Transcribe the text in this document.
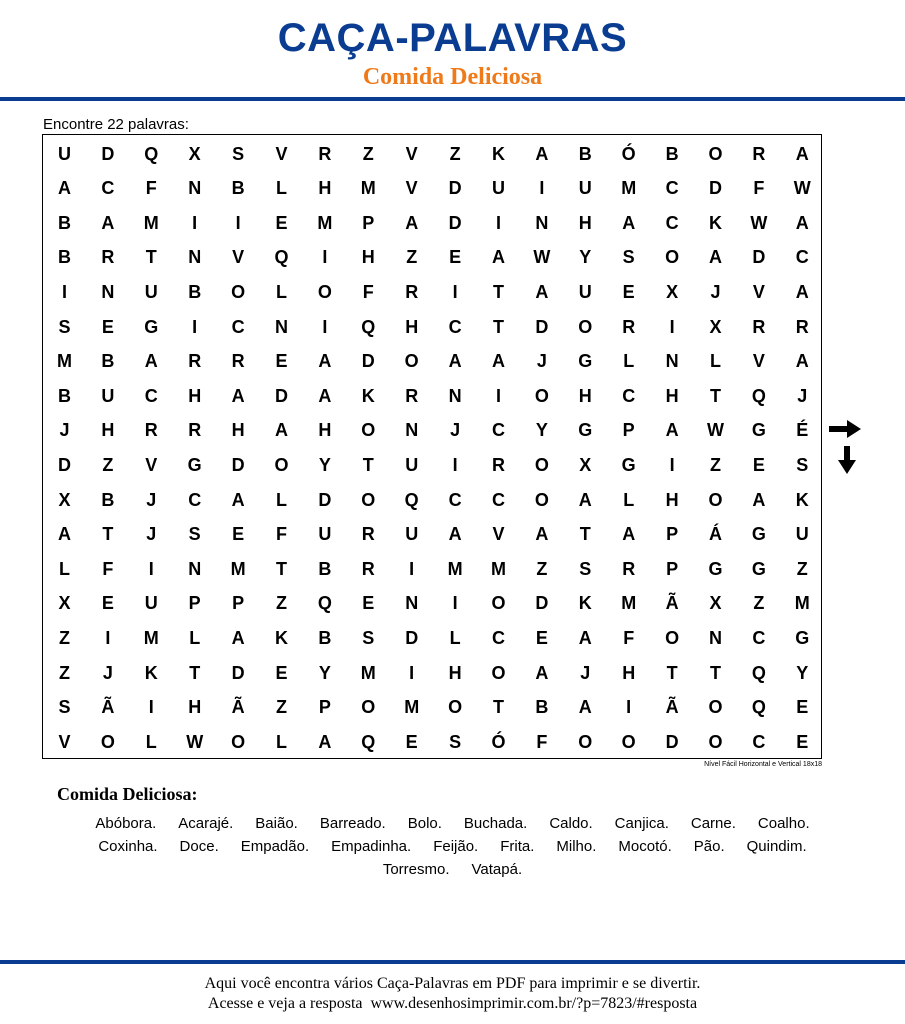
CAÇA-PALAVRAS
Comida Deliciosa
Encontre 22 palavras:
U	D	Q	X	S	V	R	Z	V	Z	K	A	B	Ó	B	O	R	A
A	C	F	N	B	L	H	M	V	D	U	I	U	M	C	D	F	W
B	A	M	I	I	E	M	P	A	D	I	N	H	A	C	K	W	A
B	R	T	N	V	Q	I	H	Z	E	A	W	Y	S	O	A	D	C
I	N	U	B	O	L	O	F	R	I	T	A	U	E	X	J	V	A
S	E	G	I	C	N	I	Q	H	C	T	D	O	R	I	X	R	R
M	B	A	R	R	E	A	D	O	A	A	J	G	L	N	L	V	A
B	U	C	H	A	D	A	K	R	N	I	O	H	C	H	T	Q	J
J	H	R	R	H	A	H	O	N	J	C	Y	G	P	A	W	G	É
D	Z	V	G	D	O	Y	T	U	I	R	O	X	G	I	Z	E	S
X	B	J	C	A	L	D	O	Q	C	C	O	A	L	H	O	A	K
A	T	J	S	E	F	U	R	U	A	V	A	T	A	P	Á	G	U
L	F	I	N	M	T	B	R	I	M	M	Z	S	R	P	G	G	Z
X	E	U	P	P	Z	Q	E	N	I	O	D	K	M	Ã	X	Z	M
Z	I	M	L	A	K	B	S	D	L	C	E	A	F	O	N	C	G
Z	J	K	T	D	E	Y	M	I	H	O	A	J	H	T	T	Q	Y
S	Ã	I	H	Ã	Z	P	O	M	O	T	B	A	I	Ã	O	Q	E
V	O	L	W	O	L	A	Q	E	S	Ó	F	O	O	D	O	C	E
Nível Fácil Horizontal e Vertical 18x18
Comida Deliciosa:
Abóbora. Acarajé. Baião. Barreado. Bolo. Buchada. Caldo. Canjica. Carne. Coalho.
Coxinha. Doce. Empadão. Empadinha. Feijão. Frita. Milho. Mocotó. Pão. Quindim.
Torresmo. Vatapá.
Aqui você encontra vários Caça-Palavras em PDF para imprimir e se divertir.
Acesse e veja a resposta  www.desenhosimprimir.com.br/?p=7823/#resposta
